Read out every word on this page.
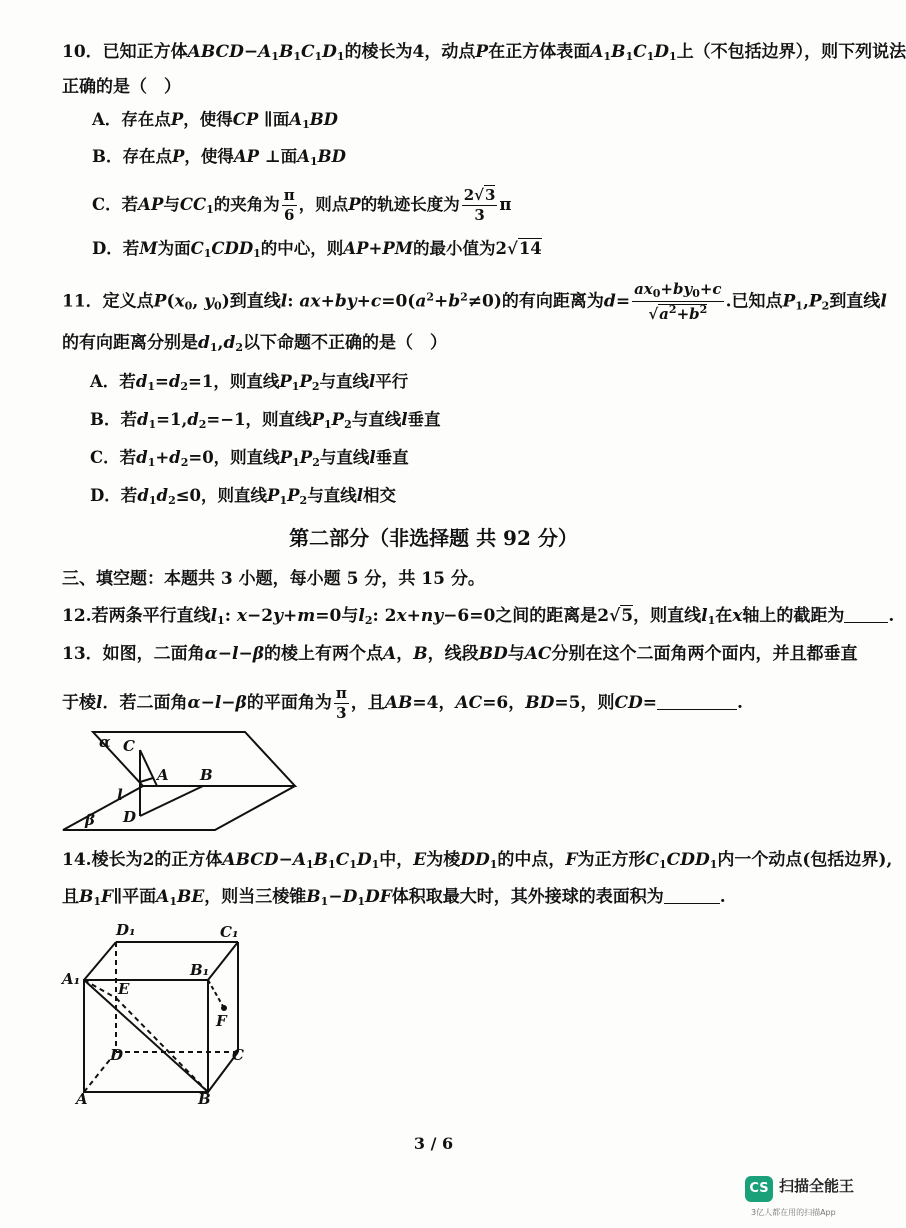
10．已知正方体$ABCD-A_1B_1C_1D_1$的棱长为4，动点P在正方体表面$A_1B_1C_1D_1$上（不包括边界），则下列说法
正确的是（　）
A．存在点P，使得CP ∥面$A_1BD$
B．存在点P，使得AP ⊥面$A_1BD$
C．若AP与$CC_1$的夹角为 $\frac{\pi}{6}$ ，则点P的轨迹长度为 $\frac{2√3}{3}$ π
D．若M为面$C_1CDD_1$的中心，则AP+PM的最小值为2√14
11．定义点$P(x_0$, $y_0$)到直线l: $ax+by+c=0(a^2+b^2\ne 0)$的有向距离为$d= \frac{ax_0+by_0+c}{√a^2+b^2}$ .已知点$P_1,P_2$到直线l
的有向距离分别是$d_1,d_2$以下命题不正确的是（　）
A．若$d_1=d_2=1$，则直线$P_1P_2$与直线l平行
B．若$d_1=1,d_2=-1$，则直线$P_1P_2$与直线l垂直
C．若$d_1+d_2=0$，则直线$P_1P_2$与直线l垂直
D．若$d_1d_2\le 0$，则直线$P_1P_2$与直线l相交
第二部分（非选择题 共 92 分）
三、填空题：本题共 3 小题，每小题 5 分，共 15 分。
12.若两条平行直线$l_1$: x−2y+m=0与$l_2$: 2x+ny−6=0之间的距离是2√5，则直线$l_1$在x轴上的截距为	.
13．如图，二面角α−l−β的棱上有两个点A，B，线段BD与AC分别在这个二面角两个面内，并且都垂直
于棱l．若二面角α−l−β的平面角为 $\frac{\pi}{3}$ ，且AB=4，AC=6，BD=5，则CD=	.
α C
A B
l
β D
14.棱长为2的正方体$ABCD-A_1B_1C_1D_1$中，E为棱$DD_1$的中点，F为正方形$C_1CDD_1$内一个动点(包括边界),
且$B_1F\parallel$平面$A_1BE$，则当三棱锥$B_1-D_1DF$体积取最大时，其外接球的表面积为	.
D₁	C₁
A₁	B₁
E
F
D	C
A	B
3 / 6
CS 扫描全能王
3亿人都在用的扫描App
